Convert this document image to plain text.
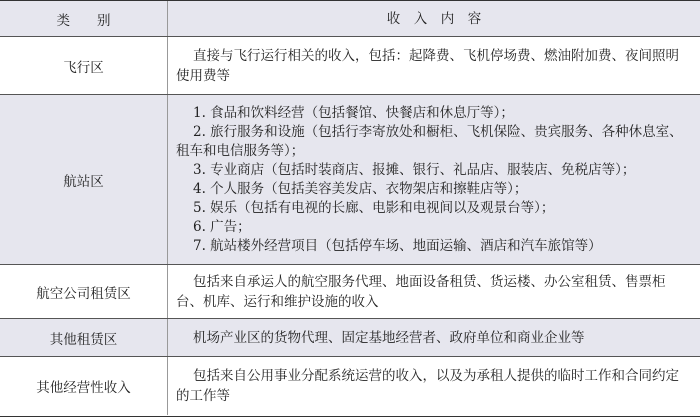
类　　别	收　入　内　容
飞行区

直接与飞行运行相关的收入，包括：起降费、飞机停场费、燃油附加费、夜间照明使用费等

航站区

1. 食品和饮料经营（包括餐馆、快餐店和休息厅等）；

2. 旅行服务和设施（包括行李寄放处和橱柜、飞机保险、贵宾服务、各种休息室、租车和电信服务等）；

3. 专业商店（包括时装商店、报摊、银行、礼品店、服装店、免税店等）；

4. 个人服务（包括美容美发店、衣物架店和擦鞋店等）；

5. 娱乐（包括有电视的长廊、电影和电视间以及观景台等）；

6. 广告；

7. 航站楼外经营项目（包括停车场、地面运输、酒店和汽车旅馆等）

航空公司租赁区

包括来自承运人的航空服务代理、地面设备租赁、货运楼、办公室租赁、售票柜台、机库、运行和维护设施的收入

其他租赁区	机场产业区的货物代理、固定基地经营者、政府单位和商业企业等

其他经营性收入

包括来自公用事业分配系统运营的收入，以及为承租人提供的临时工作和合同约定的工作等
